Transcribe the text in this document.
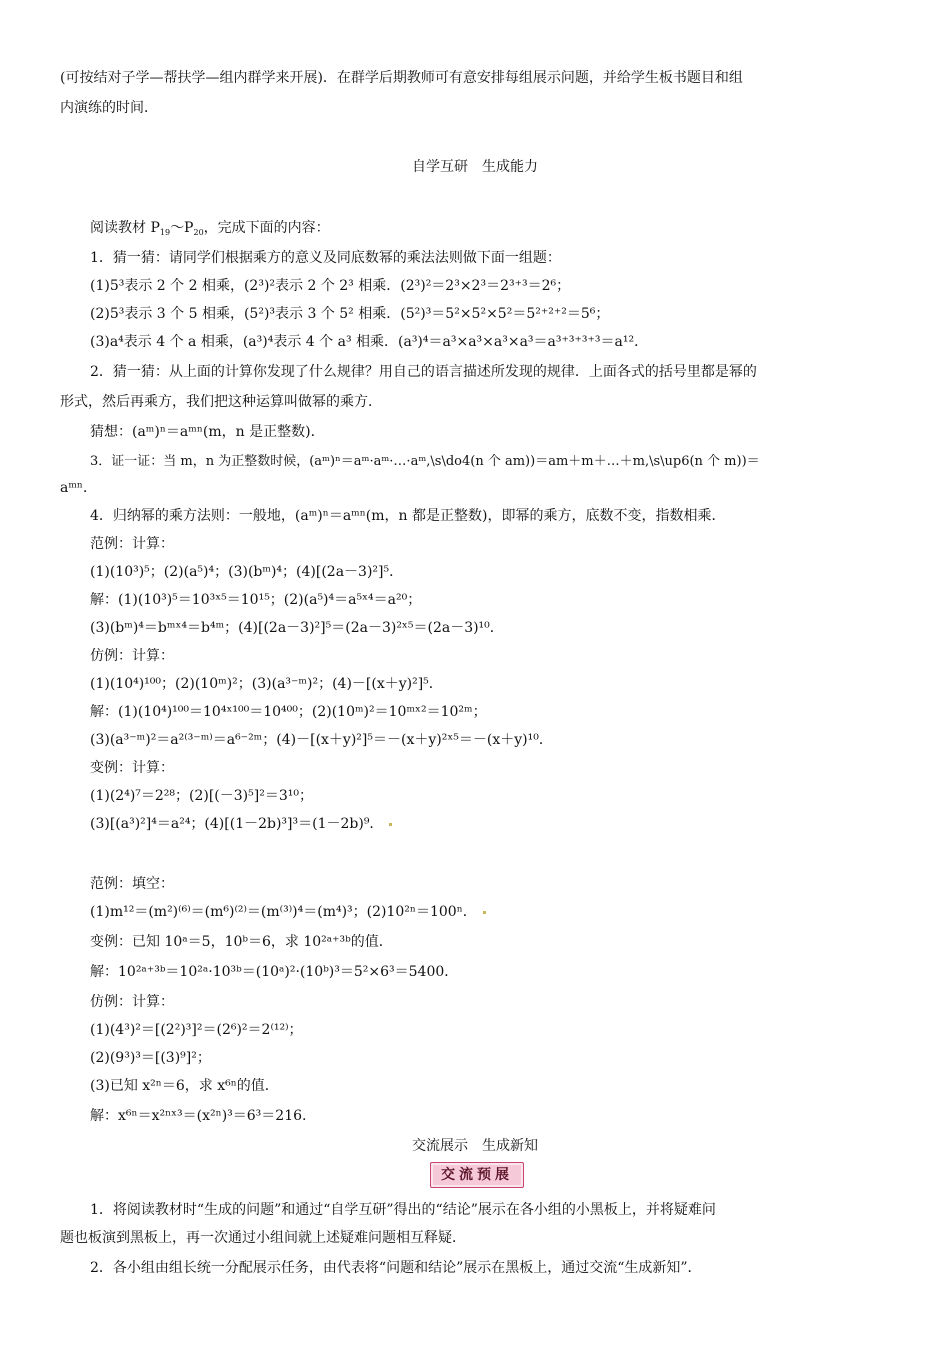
(可按结对子学—帮扶学—组内群学来开展)．在群学后期教师可有意安排每组展示问题，并给学生板书题目和组
内演练的时间．
自学互研　生成能力
阅读教材 $P_{19}\sim P_{20}$，完成下面的内容：
1．猜一猜：请同学们根据乘方的意义及同底数幂的乘法法则做下面一组题：
(1)5³表示 2 个 2 相乘，(2³)²表示 2 个 2³ 相乘．(2³)²＝2³×2³＝2³⁺³＝2⁶；
(2)5³表示 3 个 5 相乘，(5²)³表示 3 个 5² 相乘．(5²)³＝5²×5²×5²＝5²⁺²⁺²＝5⁶；
(3)a⁴表示 4 个 a 相乘，(a³)⁴表示 4 个 a³ 相乘．(a³)⁴＝a³×a³×a³×a³＝a³⁺³⁺³⁺³＝a¹²．
2．猜一猜：从上面的计算你发现了什么规律？用自己的语言描述所发现的规律．上面各式的括号里都是幂的
形式，然后再乘方，我们把这种运算叫做幂的乘方．
猜想：(aᵐ)ⁿ＝aᵐⁿ(m，n 是正整数)．
3．证一证：当 m，n 为正整数时候，(aᵐ)ⁿ＝aᵐ·aᵐ·…·aᵐ,\s\do4(n 个 am))＝am＋m＋…＋m,\s\up6(n 个 m))＝
aᵐⁿ．
4．归纳幂的乘方法则：一般地，(aᵐ)ⁿ＝aᵐⁿ(m，n 都是正整数)，即幂的乘方，底数不变，指数相乘．
范例：计算：
(1)(10³)⁵；(2)(a⁵)⁴；(3)(bᵐ)⁴；(4)[(2a－3)²]⁵．
解：(1)(10³)⁵＝10³ˣ⁵＝10¹⁵；(2)(a⁵)⁴＝a⁵ˣ⁴＝a²⁰；
(3)(bᵐ)⁴＝bᵐˣ⁴＝b⁴ᵐ；(4)[(2a－3)²]⁵＝(2a－3)²ˣ⁵＝(2a－3)¹⁰．
仿例：计算：
(1)(10⁴)¹⁰⁰；(2)(10ᵐ)²；(3)(a³⁻ᵐ)²；(4)－[(x＋y)²]⁵．
解：(1)(10⁴)¹⁰⁰＝10⁴ˣ¹⁰⁰＝10⁴⁰⁰；(2)(10ᵐ)²＝10ᵐˣ²＝10²ᵐ；
(3)(a³⁻ᵐ)²＝a²⁽³⁻ᵐ⁾＝a⁶⁻²ᵐ；(4)－[(x＋y)²]⁵＝－(x＋y)²ˣ⁵＝－(x＋y)¹⁰．
变例：计算：
(1)(2⁴)⁷＝2²⁸；(2)[(－3)⁵]²＝3¹⁰；
(3)[(a³)²]⁴＝a²⁴；(4)[(1－2b)³]³＝(1－2b)⁹．
范例：填空：
(1)m¹²＝(m²)⁽⁶⁾＝(m⁶)⁽²⁾＝(m⁽³⁾)⁴＝(m⁴)³；(2)10²ⁿ＝100ⁿ．
变例：已知 10ᵃ＝5，10ᵇ＝6，求 10²ᵃ⁺³ᵇ的值．
解：10²ᵃ⁺³ᵇ＝10²ᵃ·10³ᵇ＝(10ᵃ)²·(10ᵇ)³＝5²×6³＝5400．
仿例：计算：
(1)(4³)²＝[(2²)³]²＝(2⁶)²＝2⁽¹²⁾；
(2)(9³)³＝[(3)⁹]²；
(3)已知 x²ⁿ＝6，求 x⁶ⁿ的值．
解：x⁶ⁿ＝x²ⁿˣ³＝(x²ⁿ)³＝6³＝216.
交流展示　生成新知
交流预展
1．将阅读教材时“生成的问题”和通过“自学互研”得出的“结论”展示在各小组的小黑板上，并将疑难问
题也板演到黑板上，再一次通过小组间就上述疑难问题相互释疑．
2．各小组由组长统一分配展示任务，由代表将“问题和结论”展示在黑板上，通过交流“生成新知”．
